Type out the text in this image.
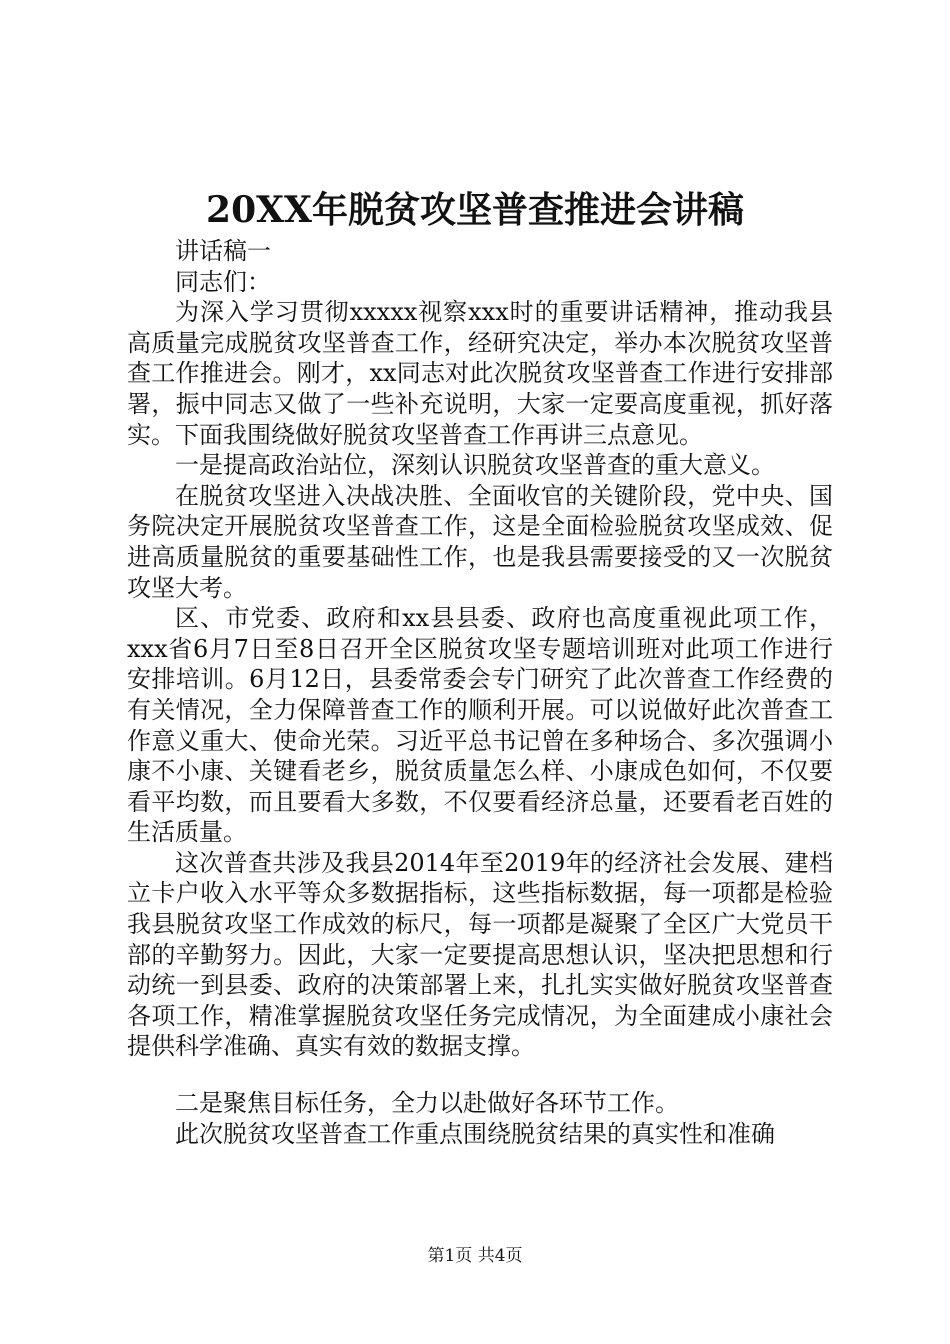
20XX年脱贫攻坚普查推进会讲稿

讲话稿一

同志们：

为深入学习贯彻xxxxx视察xxx时的重要讲话精神，推动我县高质量完成脱贫攻坚普查工作，经研究决定，举办本次脱贫攻坚普查工作推进会。刚才，xx同志对此次脱贫攻坚普查工作进行安排部署，振中同志又做了一些补充说明，大家一定要高度重视，抓好落实。下面我围绕做好脱贫攻坚普查工作再讲三点意见。

一是提高政治站位，深刻认识脱贫攻坚普查的重大意义。

在脱贫攻坚进入决战决胜、全面收官的关键阶段，党中央、国务院决定开展脱贫攻坚普查工作，这是全面检验脱贫攻坚成效、促进高质量脱贫的重要基础性工作，也是我县需要接受的又一次脱贫攻坚大考。

区、市党委、政府和xx县县委、政府也高度重视此项工作，xxx省6月7日至8日召开全区脱贫攻坚专题培训班对此项工作进行安排培训。6月12日，县委常委会专门研究了此次普查工作经费的有关情况，全力保障普查工作的顺利开展。可以说做好此次普查工作意义重大、使命光荣。习近平总书记曾在多种场合、多次强调小康不小康、关键看老乡，脱贫质量怎么样、小康成色如何，不仅要看平均数，而且要看大多数，不仅要看经济总量，还要看老百姓的生活质量。

这次普查共涉及我县2014年至2019年的经济社会发展、建档立卡户收入水平等众多数据指标，这些指标数据，每一项都是检验我县脱贫攻坚工作成效的标尺，每一项都是凝聚了全区广大党员干部的辛勤努力。因此，大家一定要提高思想认识，坚决把思想和行动统一到县委、政府的决策部署上来，扎扎实实做好脱贫攻坚普查各项工作，精准掌握脱贫攻坚任务完成情况，为全面建成小康社会提供科学准确、真实有效的数据支撑。

二是聚焦目标任务，全力以赴做好各环节工作。

此次脱贫攻坚普查工作重点围绕脱贫结果的真实性和准确

第1页 共4页
